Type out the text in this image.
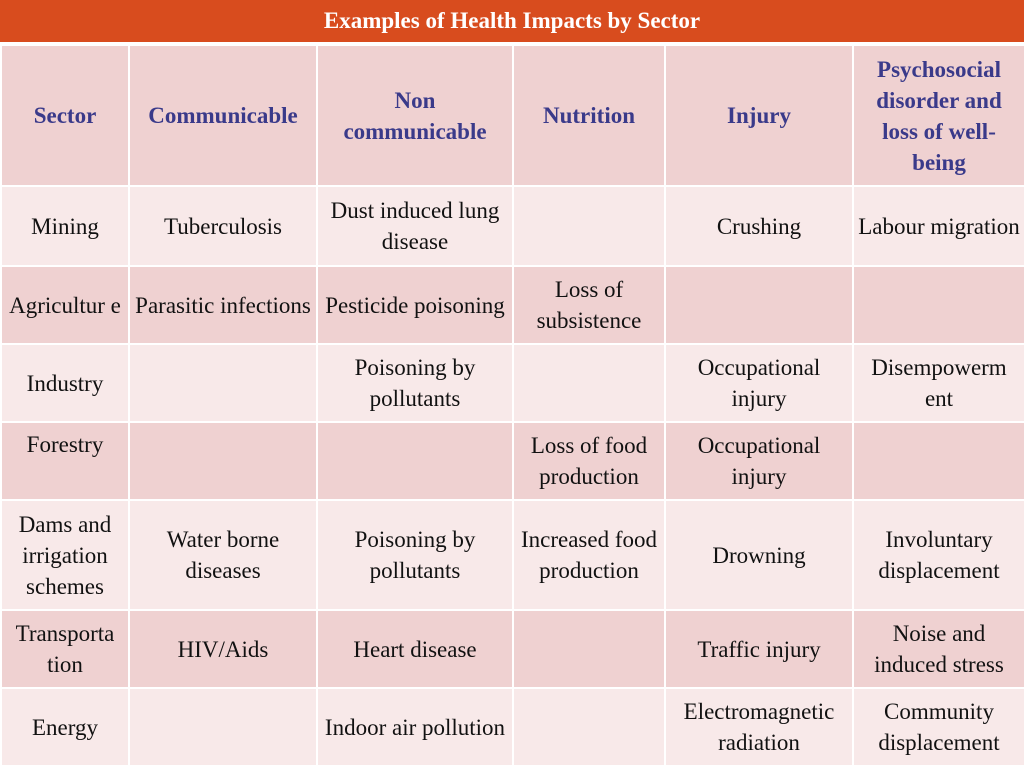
Examples of Health Impacts by Sector
Sector	Communicable	Non communicable	Nutrition	Injury	Psychosocial disorder and loss of well-being
Mining	Tuberculosis	Dust induced lung disease		Crushing	Labour migration
Agricultur e	Parasitic infections	Pesticide poisoning	Loss of subsistence		
Industry		Poisoning by pollutants		Occupational injury	Disempowerm ent
Forestry			Loss of food production	Occupational injury	
Dams and irrigation schemes	Water borne diseases	Poisoning by pollutants	Increased food production	Drowning	Involuntary displacement
Transporta tion	HIV/Aids	Heart disease		Traffic injury	Noise and induced stress
Energy		Indoor air pollution		Electromagnetic radiation	Community displacement
